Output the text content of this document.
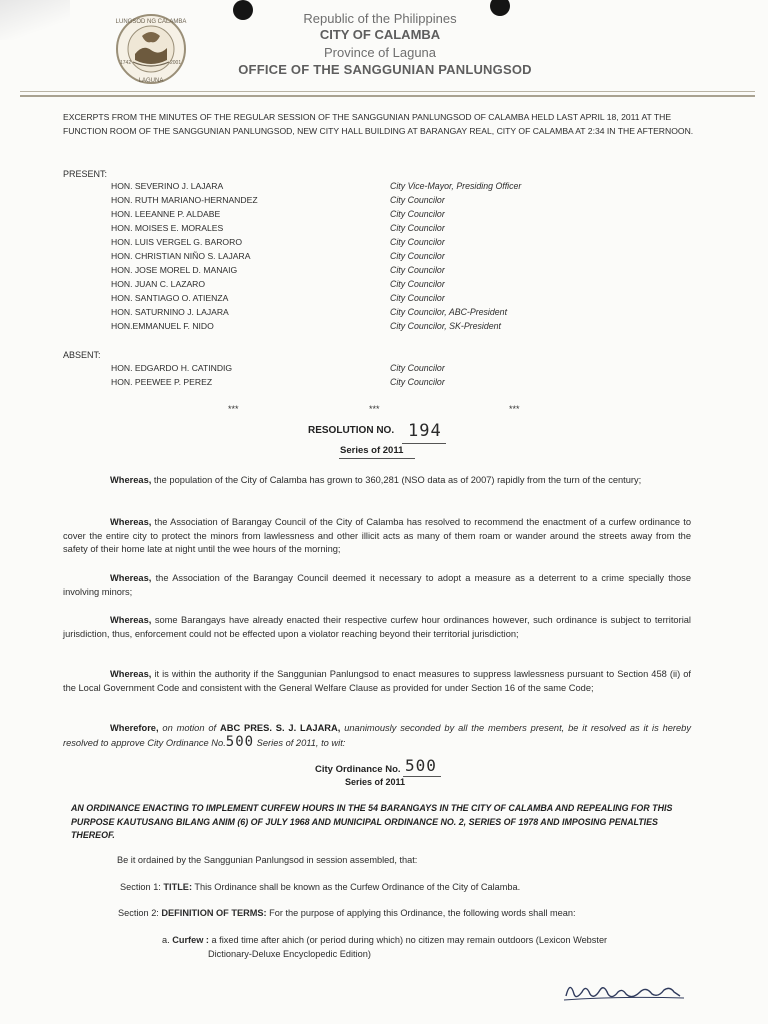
LUNGSOD NG CALAMBA
LAGUNA
1742	2001
Republic of the Philippines
CITY OF CALAMBA
Province of Laguna
OFFICE OF THE SANGGUNIAN PANLUNGSOD
EXCERPTS FROM THE MINUTES OF THE REGULAR SESSION OF THE SANGGUNIAN PANLUNGSOD OF CALAMBA HELD LAST APRIL 18, 2011 AT THE FUNCTION ROOM OF THE SANGGUNIAN PANLUNGSOD, NEW CITY HALL BUILDING AT BARANGAY REAL, CITY OF CALAMBA AT 2:34 IN THE AFTERNOON.
PRESENT:
HON. SEVERINO J. LAJARA	City Vice-Mayor, Presiding Officer
HON. RUTH MARIANO-HERNANDEZ	City Councilor
HON. LEEANNE P. ALDABE	City Councilor
HON. MOISES E. MORALES	City Councilor
HON. LUIS VERGEL G. BARORO	City Councilor
HON. CHRISTIAN NIÑO S. LAJARA	City Councilor
HON. JOSE MOREL D. MANAIG	City Councilor
HON. JUAN C. LAZARO	City Councilor
HON. SANTIAGO O. ATIENZA	City Councilor
HON. SATURNINO J. LAJARA	City Councilor, ABC-President
HON.EMMANUEL F. NIDO	City Councilor, SK-President
ABSENT:
HON. EDGARDO H. CATINDIG	City Councilor
HON. PEEWEE P. PEREZ	City Councilor
***	***	***
RESOLUTION NO. 194
Series of 2011
Whereas, the population of the City of Calamba has grown to 360,281 (NSO data as of 2007) rapidly from the turn of the century;
Whereas, the Association of Barangay Council of the City of Calamba has resolved to recommend the enactment of a curfew ordinance to cover the entire city to protect the minors from lawlessness and other illicit acts as many of them roam or wander around the streets away from the safety of their home late at night until the wee hours of the morning;
Whereas, the Association of the Barangay Council deemed it necessary to adopt a measure as a deterrent to a crime specially those involving minors;
Whereas, some Barangays have already enacted their respective curfew hour ordinances however, such ordinance is subject to territorial jurisdiction, thus, enforcement could not be effected upon a violator reaching beyond their territorial jurisdiction;
Whereas, it is within the authority if the Sanggunian Panlungsod to enact measures to suppress lawlessness pursuant to Section 458 (ii) of the Local Government Code and consistent with the General Welfare Clause as provided for under Section 16 of the same Code;
Wherefore, on motion of ABC PRES. S. J. LAJARA, unanimously seconded by all the members present, be it resolved as it is hereby resolved to approve City Ordinance No.500 Series of 2011, to wit:
City Ordinance No. 500
Series of 2011
AN ORDINANCE ENACTING TO IMPLEMENT CURFEW HOURS IN THE 54 BARANGAYS IN THE CITY OF CALAMBA AND REPEALING FOR THIS PURPOSE KAUTUSANG BILANG ANIM (6) OF JULY 1968 AND MUNICIPAL ORDINANCE NO. 2, SERIES OF 1978 AND IMPOSING PENALTIES THEREOF.
Be it ordained by the Sanggunian Panlungsod in session assembled, that:
Section 1: TITLE: This Ordinance shall be known as the Curfew Ordinance of the City of Calamba.
Section 2: DEFINITION OF TERMS: For the purpose of applying this Ordinance, the following words shall mean:
a. Curfew : a fixed time after ahich (or period during which) no citizen may remain outdoors (Lexicon Webster
Dictionary-Deluxe Encyclopedic Edition)
